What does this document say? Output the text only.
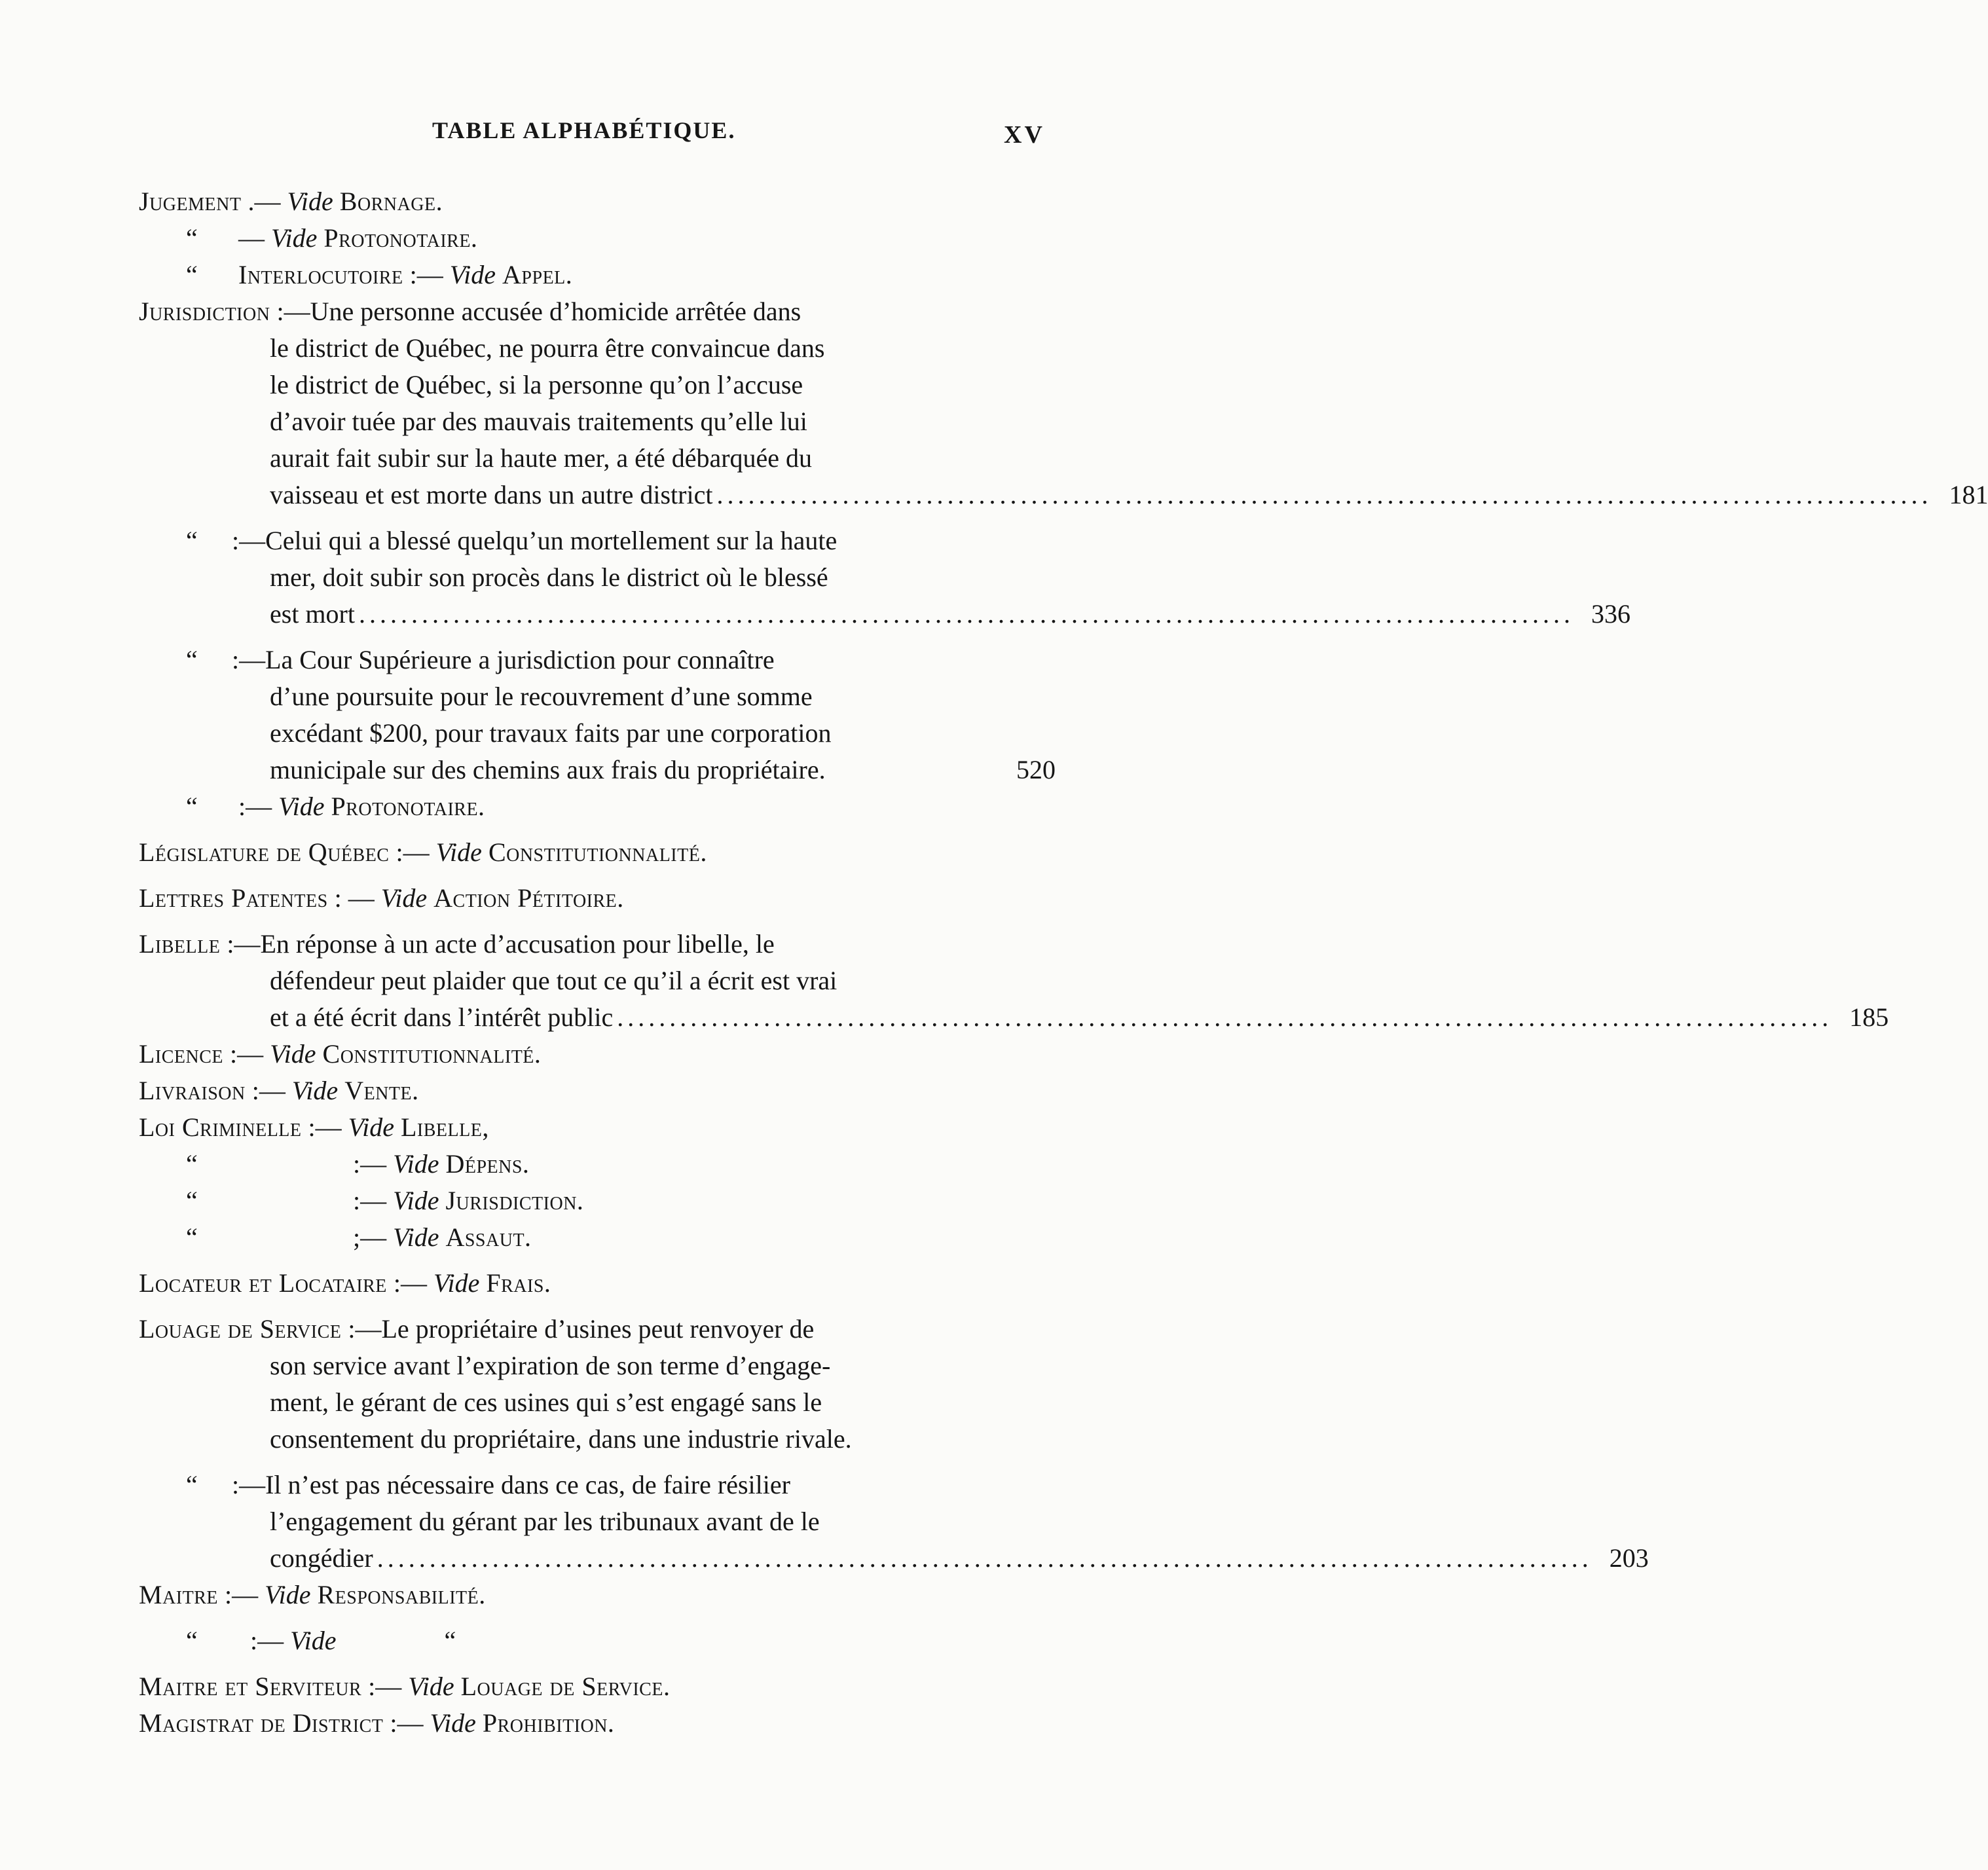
TABLE ALPHABÉTIQUE.	XV
Jugement .— Vide Bornage.
“ — Vide Protonotaire.
“ Interlocutoire :— Vide Appel.
Jurisdiction :—Une personne accusée d’homicide arrêtée dans
le district de Québec, ne pourra être convaincue dans
le district de Québec, si la personne qu’on l’accuse
d’avoir tuée par des mauvais traitements qu’elle lui
aurait fait subir sur la haute mer, a été débarquée du
vaisseau et est morte dans un autre district .................................................................................................................... 181
“ :—Celui qui a blessé quelqu’un mortellement sur la haute
mer, doit subir son procès dans le district où le blessé
est mort .................................................................................................................... 336
“ :—La Cour Supérieure a jurisdiction pour connaître
d’une poursuite pour le recouvrement d’une somme
excédant $200, pour travaux faits par une corporation
municipale sur des chemins aux frais du propriétaire.	520
“ :— Vide Protonotaire.
Législature de Québec :— Vide Constitutionnalité.
Lettres Patentes : — Vide Action Pétitoire.
Libelle :—En réponse à un acte d’accusation pour libelle, le
défendeur peut plaider que tout ce qu’il a écrit est vrai
et a été écrit dans l’intérêt public .................................................................................................................... 185
Licence :— Vide Constitutionnalité.
Livraison :— Vide Vente.
Loi Criminelle :— Vide Libelle,
“	:— Vide Dépens.
“	:— Vide Jurisdiction.
“	;— Vide Assaut.
Locateur et Locataire :— Vide Frais.
Louage de Service :—Le propriétaire d’usines peut renvoyer de
son service avant l’expiration de son terme d’engage-
ment, le gérant de ces usines qui s’est engagé sans le
consentement du propriétaire, dans une industrie rivale.
“ :—Il n’est pas nécessaire dans ce cas, de faire résilier
l’engagement du gérant par les tribunaux avant de le
congédier .................................................................................................................... 203
Maitre :— Vide Responsabilité.
“ :— Vide	“
Maitre et Serviteur :— Vide Louage de Service.
Magistrat de District :— Vide Prohibition.
